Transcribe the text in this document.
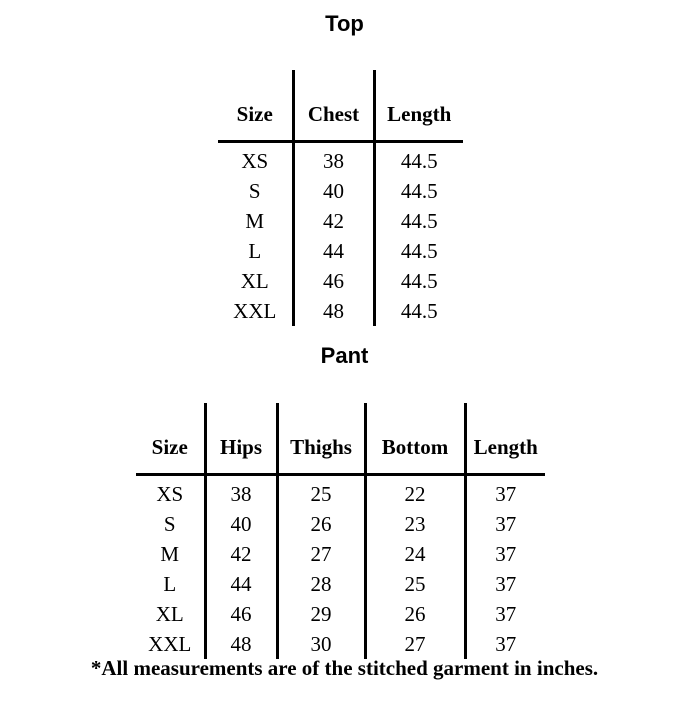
Top
Size	Chest	Length
XS	38	44.5
S	40	44.5
M	42	44.5
L	44	44.5
XL	46	44.5
XXL	48	44.5
Pant
Size	Hips	Thighs	Bottom	Length
XS	38	25	22	37
S	40	26	23	37
M	42	27	24	37
L	44	28	25	37
XL	46	29	26	37
XXL	48	30	27	37
*All measurements are of the stitched garment in inches.
